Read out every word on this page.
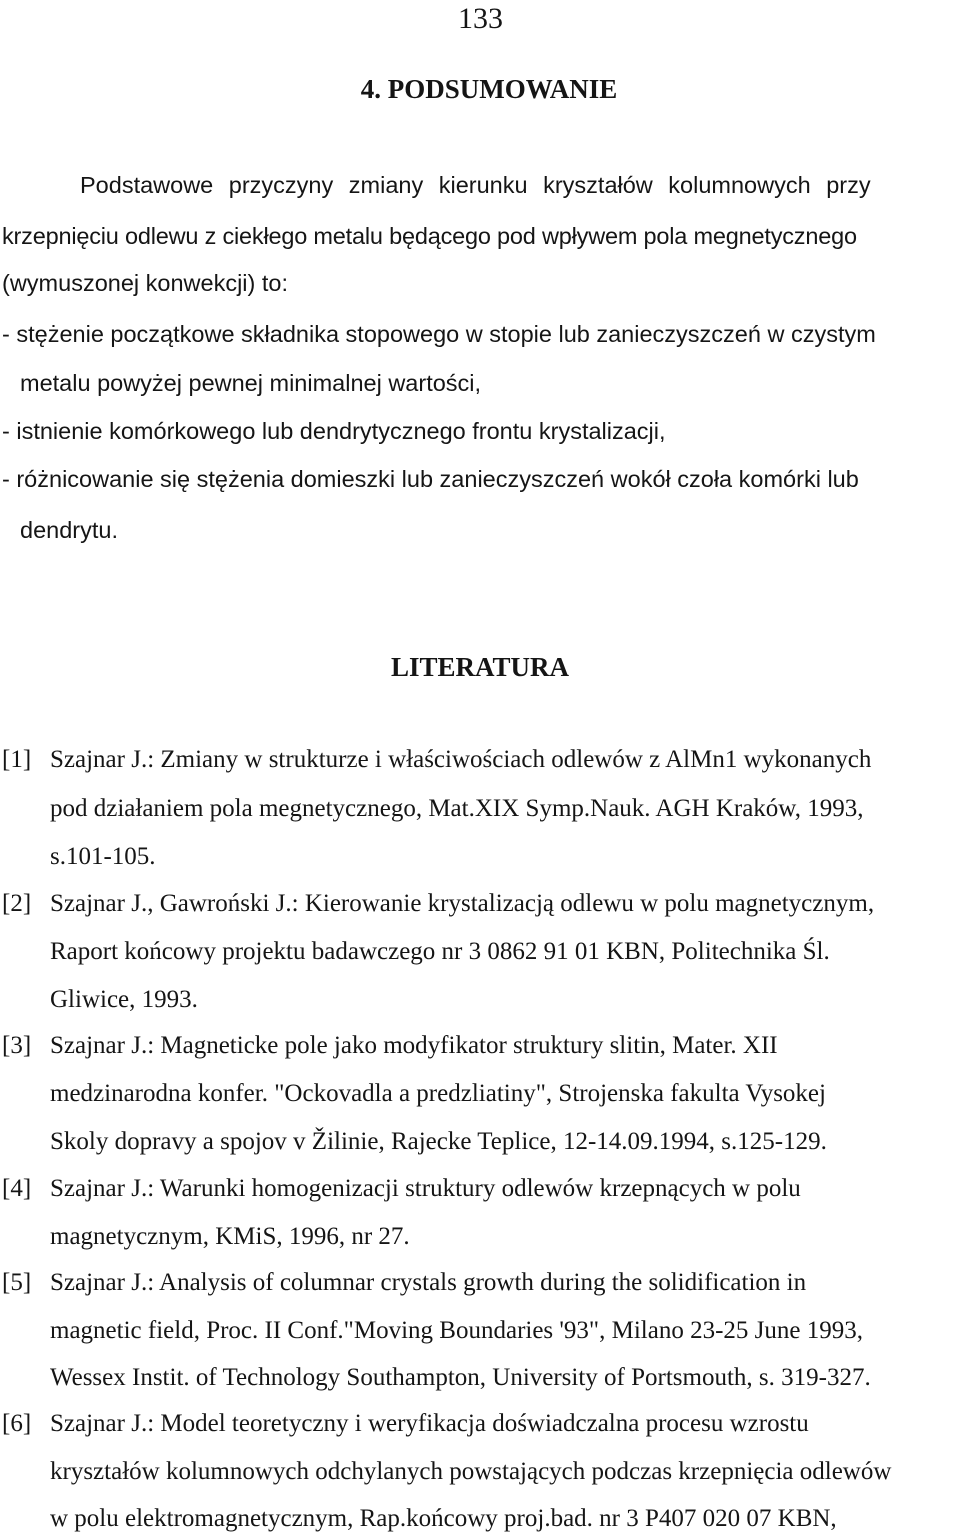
133
4. PODSUMOWANIE
Podstawowe przyczyny zmiany kierunku kryształów kolumnowych przy
krzepnięciu odlewu z ciekłego metalu będącego pod wpływem pola megnetycznego
(wymuszonej konwekcji) to:
- stężenie początkowe składnika stopowego w stopie lub zanieczyszczeń w czystym
metalu powyżej pewnej minimalnej wartości,
- istnienie komórkowego lub dendrytycznego frontu krystalizacji,
- różnicowanie się stężenia domieszki lub zanieczyszczeń wokół czoła komórki lub
dendrytu.
LITERATURA
[1] Szajnar J.: Zmiany w strukturze i właściwościach odlewów z AlMn1 wykonanych
pod działaniem pola megnetycznego, Mat.XIX Symp.Nauk. AGH Kraków, 1993,
s.101-105.
[2] Szajnar J., Gawroński J.: Kierowanie krystalizacją odlewu w polu magnetycznym,
Raport końcowy projektu badawczego nr 3 0862 91 01 KBN, Politechnika Śl.
Gliwice, 1993.
[3] Szajnar J.: Magneticke pole jako modyfikator struktury slitin, Mater. XII
medzinarodna konfer. "Ockovadla a predzliatiny", Strojenska fakulta Vysokej
Skoly dopravy a spojov v Žilinie, Rajecke Teplice, 12-14.09.1994, s.125-129.
[4] Szajnar J.: Warunki homogenizacji struktury odlewów krzepnących w polu
magnetycznym, KMiS, 1996, nr 27.
[5] Szajnar J.: Analysis of columnar crystals growth during the solidification in
magnetic field, Proc. II Conf."Moving Boundaries '93", Milano 23-25 June 1993,
Wessex Instit. of Technology Southampton, University of Portsmouth, s. 319-327.
[6] Szajnar J.: Model teoretyczny i weryfikacja doświadczalna procesu wzrostu
kryształów kolumnowych odchylanych powstających podczas krzepnięcia odlewów
w polu elektromagnetycznym, Rap.końcowy proj.bad. nr 3 P407 020 07 KBN,
